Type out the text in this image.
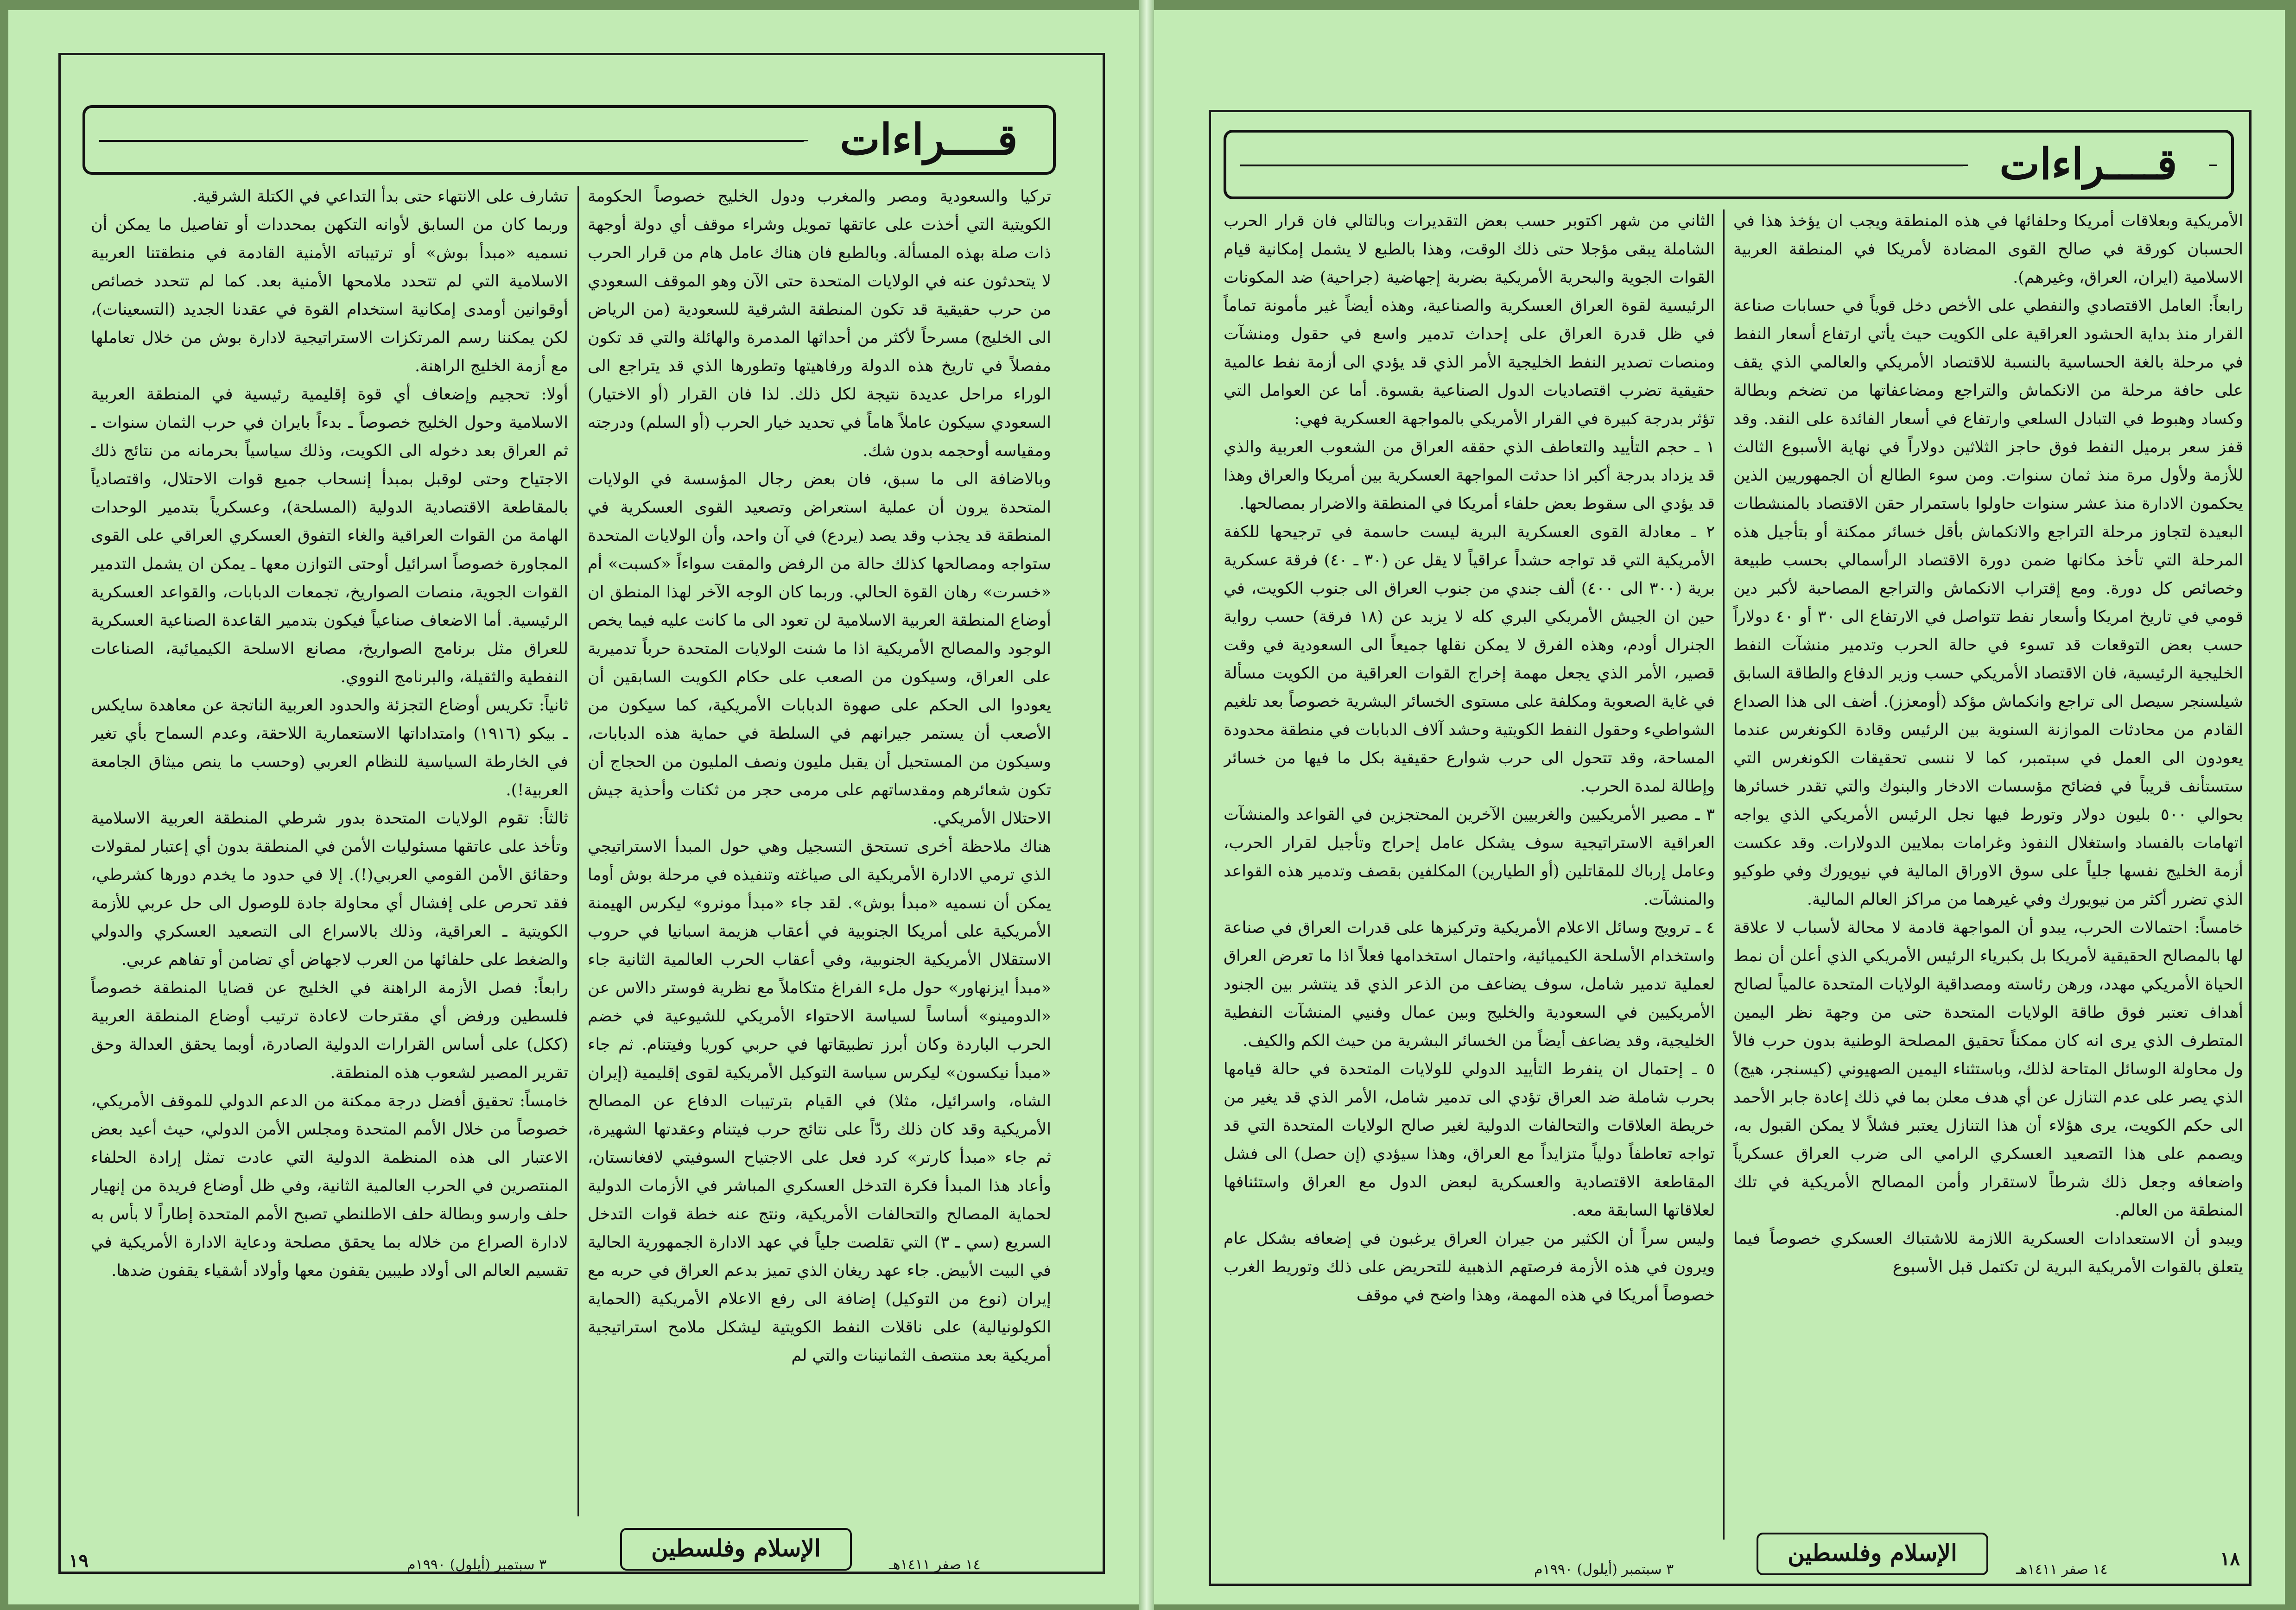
قــــراءات

تركيا والسعودية ومصر والمغرب ودول الخليج خصوصاً الحكومة الكويتية التي أخذت على عاتقها تمويل وشراء موقف أي دولة أوجهة ذات صلة بهذه المسألة. وبالطبع فان هناك عامل هام من قرار الحرب لا يتحدثون عنه في الولايات المتحدة حتى الآن وهو الموقف السعودي من حرب حقيقية قد تكون المنطقة الشرقية للسعودية (من الرياض الى الخليج) مسرحاً لأكثر من أحداثها المدمرة والهائلة والتي قد تكون مفصلاً في تاريخ هذه الدولة ورفاهيتها وتطورها الذي قد يتراجع الى الوراء مراحل عديدة نتيجة لكل ذلك. لذا فان القرار (أو الاختيار) السعودي سيكون عاملاً هاماً في تحديد خيار الحرب (أو السلم) ودرجته ومقياسه أوحجمه بدون شك.

وبالاضافة الى ما سبق، فان بعض رجال المؤسسة في الولايات المتحدة يرون أن عملية استعراض وتصعيد القوى العسكرية في المنطقة قد يجذب وقد يصد (يردع) في آن واحد، وأن الولايات المتحدة ستواجه ومصالحها كذلك حالة من الرفض والمقت سواءاً «كسبت» أم «خسرت» رهان القوة الحالي. وربما كان الوجه الآخر لهذا المنطق ان أوضاع المنطقة العربية الاسلامية لن تعود الى ما كانت عليه فيما يخص الوجود والمصالح الأمريكية اذا ما شنت الولايات المتحدة حرباً تدميرية على العراق، وسيكون من الصعب على حكام الكويت السابقين أن يعودوا الى الحكم على صهوة الدبابات الأمريكية، كما سيكون من الأصعب أن يستمر جيرانهم في السلطة في حماية هذه الدبابات، وسيكون من المستحيل أن يقبل مليون ونصف المليون من الحجاج أن تكون شعائرهم ومقدساتهم على مرمى حجر من ثكنات وأحذية جيش الاحتلال الأمريكي.

هناك ملاحظة أخرى تستحق التسجيل وهي حول المبدأ الاستراتيجي الذي ترمي الادارة الأمريكية الى صياغته وتنفيذه في مرحلة بوش أوما يمكن أن نسميه «مبدأ بوش». لقد جاء «مبدأ مونرو» ليكرس الهيمنة الأمريكية على أمريكا الجنوبية في أعقاب هزيمة اسبانيا في حروب الاستقلال الأمريكية الجنوبية، وفي أعقاب الحرب العالمية الثانية جاء «مبدأ ايزنهاور» حول ملء الفراغ متكاملاً مع نظرية فوستر دالاس عن «الدومينو» أساساً لسياسة الاحتواء الأمريكي للشيوعية في خضم الحرب الباردة وكان أبرز تطبيقاتها في حربي كوريا وفيتنام. ثم جاء «مبدأ نيكسون» ليكرس سياسة التوكيل الأمريكية لقوى إقليمية (إيران الشاه، واسرائيل، مثلا) في القيام بترتيبات الدفاع عن المصالح الأمريكية وقد كان ذلك ردّاً على نتائج حرب فيتنام وعقدتها الشهيرة، ثم جاء «مبدأ كارتر» كرد فعل على الاجتياح السوفيتي لافغانستان، وأعاد هذا المبدأ فكرة التدخل العسكري المباشر في الأزمات الدولية لحماية المصالح والتحالفات الأمريكية، ونتج عنه خطة قوات التدخل السريع (سي ـ ٣) التي تقلصت جلياً في عهد الادارة الجمهورية الحالية في البيت الأبيض. جاء عهد ريغان الذي تميز بدعم العراق في حربه مع إيران (نوع من التوكيل) إضافة الى رفع الاعلام الأمريكية (الحماية الكولونيالية) على ناقلات النفط الكويتية ليشكل ملامح استراتيجية أمريكية بعد منتصف الثمانينات والتي لم

تشارف على الانتهاء حتى بدأ التداعي في الكتلة الشرقية.

وربما كان من السابق لأوانه التكهن بمحددات أو تفاصيل ما يمكن أن نسميه «مبدأ بوش» أو ترتيباته الأمنية القادمة في منطقتنا العربية الاسلامية التي لم تتحدد ملامحها الأمنية بعد. كما لم تتحدد خصائص أوقوانين أومدى إمكانية استخدام القوة في عقدنا الجديد (التسعينات)، لكن يمكننا رسم المرتكزات الاستراتيجية لادارة بوش من خلال تعاملها مع أزمة الخليج الراهنة.

أولا: تحجيم وإضعاف أي قوة إقليمية رئيسية في المنطقة العربية الاسلامية وحول الخليج خصوصاً ـ بدءاً بايران في حرب الثمان سنوات ـ ثم العراق بعد دخوله الى الكويت، وذلك سياسياً بحرمانه من نتائج ذلك الاجتياح وحتى لوقبل بمبدأ إنسحاب جميع قوات الاحتلال، واقتصادياً بالمقاطعة الاقتصادية الدولية (المسلحة)، وعسكرياً بتدمير الوحدات الهامة من القوات العراقية والغاء التفوق العسكري العراقي على القوى المجاورة خصوصاً اسرائيل أوحتى التوازن معها ـ يمكن ان يشمل التدمير القوات الجوية، منصات الصواريخ، تجمعات الدبابات، والقواعد العسكرية الرئيسية. أما الاضعاف صناعياً فيكون بتدمير القاعدة الصناعية العسكرية للعراق مثل برنامج الصواريخ، مصانع الاسلحة الكيميائية، الصناعات النفطية والثقيلة، والبرنامج النووي.

ثانياً: تكريس أوضاع التجزئة والحدود العربية الناتجة عن معاهدة سايكس ـ بيكو (١٩١٦) وامتداداتها الاستعمارية اللاحقة، وعدم السماح بأي تغير في الخارطة السياسية للنظام العربي (وحسب ما ينص ميثاق الجامعة العربية!).

ثالثاً: تقوم الولايات المتحدة بدور شرطي المنطقة العربية الاسلامية وتأخذ على عاتقها مسئوليات الأمن في المنطقة بدون أي إعتبار لمقولات وحقائق الأمن القومي العربي(!). إلا في حدود ما يخدم دورها كشرطي، فقد تحرص على إفشال أي محاولة جادة للوصول الى حل عربي للأزمة الكويتية ـ العراقية، وذلك بالاسراع الى التصعيد العسكري والدولي والضغط على حلفائها من العرب لاجهاض أي تضامن أو تفاهم عربي.

رابعاً: فصل الأزمة الراهنة في الخليج عن قضايا المنطقة خصوصاً فلسطين ورفض أي مقترحات لاعادة ترتيب أوضاع المنطقة العربية (ككل) على أساس القرارات الدولية الصادرة، أوبما يحقق العدالة وحق تقرير المصير لشعوب هذه المنطقة.

خامساً: تحقيق أفضل درجة ممكنة من الدعم الدولي للموقف الأمريكي، خصوصاً من خلال الأمم المتحدة ومجلس الأمن الدولي، حيث أعيد بعض الاعتبار الى هذه المنظمة الدولية التي عادت تمثل إرادة الحلفاء المنتصرين في الحرب العالمية الثانية، وفي ظل أوضاع فريدة من إنهيار حلف وارسو وبطالة حلف الاطلنطي تصبح الأمم المتحدة إطاراً لا بأس به لادارة الصراع من خلاله بما يحقق مصلحة ودعاية الادارة الأمريكية في تقسيم العالم الى أولاد طيبين يقفون معها وأولاد أشقياء يقفون ضدها.

١٩	الإسلام وفلسطين
١٤ صفر ١٤١١هـ
٣ سبتمبر (أيلول) ١٩٩٠م
قــــراءات

الأمريكية وبعلاقات أمريكا وحلفائها في هذه المنطقة ويجب ان يؤخذ هذا في الحسبان كورقة في صالح القوى المضادة لأمريكا في المنطقة العربية الاسلامية (ايران، العراق، وغيرهم).

رابعاً: العامل الاقتصادي والنفطي على الأخص دخل قوياً في حسابات صناعة القرار منذ بداية الحشود العراقية على الكويت حيث يأتي ارتفاع أسعار النفط في مرحلة بالغة الحساسية بالنسبة للاقتصاد الأمريكي والعالمي الذي يقف على حافة مرحلة من الانكماش والتراجع ومضاعفاتها من تضخم وبطالة وكساد وهبوط في التبادل السلعي وارتفاع في أسعار الفائدة على النقد. وقد قفز سعر برميل النفط فوق حاجز الثلاثين دولاراً في نهاية الأسبوع الثالث للأزمة ولأول مرة منذ ثمان سنوات. ومن سوء الطالع أن الجمهوريين الذين يحكمون الادارة منذ عشر سنوات حاولوا باستمرار حقن الاقتصاد بالمنشطات البعيدة لتجاوز مرحلة التراجع والانكماش بأقل خسائر ممكنة أو بتأجيل هذه المرحلة التي تأخذ مكانها ضمن دورة الاقتصاد الرأسمالي بحسب طبيعة وخصائص كل دورة. ومع إقتراب الانكماش والتراجع المصاحبة لأكبر دين قومي في تاريخ امريكا وأسعار نفط تتواصل في الارتفاع الى ٣٠ أو ٤٠ دولاراً حسب بعض التوقعات قد تسوء في حالة الحرب وتدمير منشآت النفط الخليجية الرئيسية، فان الاقتصاد الأمريكي حسب وزير الدفاع والطاقة السابق شيلسنجر سيصل الى تراجع وانكماش مؤكد (أومعزز). أضف الى هذا الصداع القادم من محادثات الموازنة السنوية بين الرئيس وقادة الكونغرس عندما يعودون الى العمل في سبتمبر، كما لا ننسى تحقيقات الكونغرس التي ستستأنف قريباً في فضائح مؤسسات الادخار والبنوك والتي تقدر خسائرها بحوالي ٥٠٠ بليون دولار وتورط فيها نجل الرئيس الأمريكي الذي يواجه اتهامات بالفساد واستغلال النفوذ وغرامات بملايين الدولارات. وقد عكست أزمة الخليج نفسها جلياً على سوق الاوراق المالية في نيويورك وفي طوكيو الذي تضرر أكثر من نيويورك وفي غيرهما من مراكز العالم المالية.

خامساً: احتمالات الحرب، يبدو أن المواجهة قادمة لا محالة لأسباب لا علاقة لها بالمصالح الحقيقية لأمريكا بل بكبرياء الرئيس الأمريكي الذي أعلن أن نمط الحياة الأمريكي مهدد، ورهن رئاسته ومصداقية الولايات المتحدة عالمياً لصالح أهداف تعتبر فوق طاقة الولايات المتحدة حتى من وجهة نظر اليمين المتطرف الذي يرى انه كان ممكناً تحقيق المصلحة الوطنية بدون حرب فالأ ول محاولة الوسائل المتاحة لذلك، وباستثناء اليمين الصهيوني (كيسنجر، هيج) الذي يصر على عدم التنازل عن أي هدف معلن بما في ذلك إعادة جابر الأحمد الى حكم الكويت، يرى هؤلاء أن هذا التنازل يعتبر فشلاً لا يمكن القبول به، ويصمم على هذا التصعيد العسكري الرامي الى ضرب العراق عسكرياً واضعافه وجعل ذلك شرطاً لاستقرار وأمن المصالح الأمريكية في تلك المنطقة من العالم.

ويبدو أن الاستعدادات العسكرية اللازمة للاشتباك العسكري خصوصاً فيما يتعلق بالقوات الأمريكية البرية لن تكتمل قبل الأسبوع

الثاني من شهر اكتوبر حسب بعض التقديرات وبالتالي فان قرار الحرب الشاملة يبقى مؤجلا حتى ذلك الوقت، وهذا بالطبع لا يشمل إمكانية قيام القوات الجوية والبحرية الأمريكية بضربة إجهاضية (جراحية) ضد المكونات الرئيسية لقوة العراق العسكرية والصناعية، وهذه أيضاً غير مأمونة تماماً في ظل قدرة العراق على إحداث تدمير واسع في حقول ومنشآت ومنصات تصدير النفط الخليجية الأمر الذي قد يؤدي الى أزمة نفط عالمية حقيقية تضرب اقتصاديات الدول الصناعية بقسوة. أما عن العوامل التي تؤثر بدرجة كبيرة في القرار الأمريكي بالمواجهة العسكرية فهي:

١ ـ حجم التأييد والتعاطف الذي حققه العراق من الشعوب العربية والذي قد يزداد بدرجة أكبر اذا حدثت المواجهة العسكرية بين أمريكا والعراق وهذا قد يؤدي الى سقوط بعض حلفاء أمريكا في المنطقة والاضرار بمصالحها.

٢ ـ معادلة القوى العسكرية البرية ليست حاسمة في ترجيحها للكفة الأمريكية التي قد تواجه حشداً عراقياً لا يقل عن (٣٠ ـ ٤٠) فرقة عسكرية برية (٣٠٠ الى ٤٠٠) ألف جندي من جنوب العراق الى جنوب الكويت، في حين ان الجيش الأمريكي البري كله لا يزيد عن (١٨ فرقة) حسب رواية الجنرال أودم، وهذه الفرق لا يمكن نقلها جميعاً الى السعودية في وقت قصير، الأمر الذي يجعل مهمة إخراج القوات العراقية من الكويت مسألة في غاية الصعوبة ومكلفة على مستوى الخسائر البشرية خصوصاً بعد تلغيم الشواطيء وحقول النفط الكويتية وحشد آلاف الدبابات في منطقة محدودة المساحة، وقد تتحول الى حرب شوارع حقيقية بكل ما فيها من خسائر وإطالة لمدة الحرب.

٣ ـ مصير الأمريكيين والغربيين الآخرين المحتجزين في القواعد والمنشآت العراقية الاستراتيجية سوف يشكل عامل إحراج وتأجيل لقرار الحرب، وعامل إرباك للمقاتلين (أو الطيارين) المكلفين بقصف وتدمير هذه القواعد والمنشآت.

٤ ـ ترويج وسائل الاعلام الأمريكية وتركيزها على قدرات العراق في صناعة واستخدام الأسلحة الكيميائية، واحتمال استخدامها فعلاً اذا ما تعرض العراق لعملية تدمير شامل، سوف يضاعف من الذعر الذي قد ينتشر بين الجنود الأمريكيين في السعودية والخليج وبين عمال وفنيي المنشآت النفطية الخليجية، وقد يضاعف أيضاً من الخسائر البشرية من حيث الكم والكيف.

٥ ـ إحتمال ان ينفرط التأييد الدولي للولايات المتحدة في حالة قيامها بحرب شاملة ضد العراق تؤدي الى تدمير شامل، الأمر الذي قد يغير من خريطة العلاقات والتحالفات الدولية لغير صالح الولايات المتحدة التي قد تواجه تعاطفاً دولياً متزايداً مع العراق، وهذا سيؤدي (إن حصل) الى فشل المقاطعة الاقتصادية والعسكرية لبعض الدول مع العراق واستئنافها لعلاقاتها السابقة معه.

وليس سراً أن الكثير من جيران العراق يرغبون في إضعافه بشكل عام ويرون في هذه الأزمة فرصتهم الذهبية للتحريض على ذلك وتوريط الغرب خصوصاً أمريكا في هذه المهمة، وهذا واضح في موقف

١٨
الإسلام وفلسطين
١٤ صفر ١٤١١هـ
٣ سبتمبر (أيلول) ١٩٩٠م
